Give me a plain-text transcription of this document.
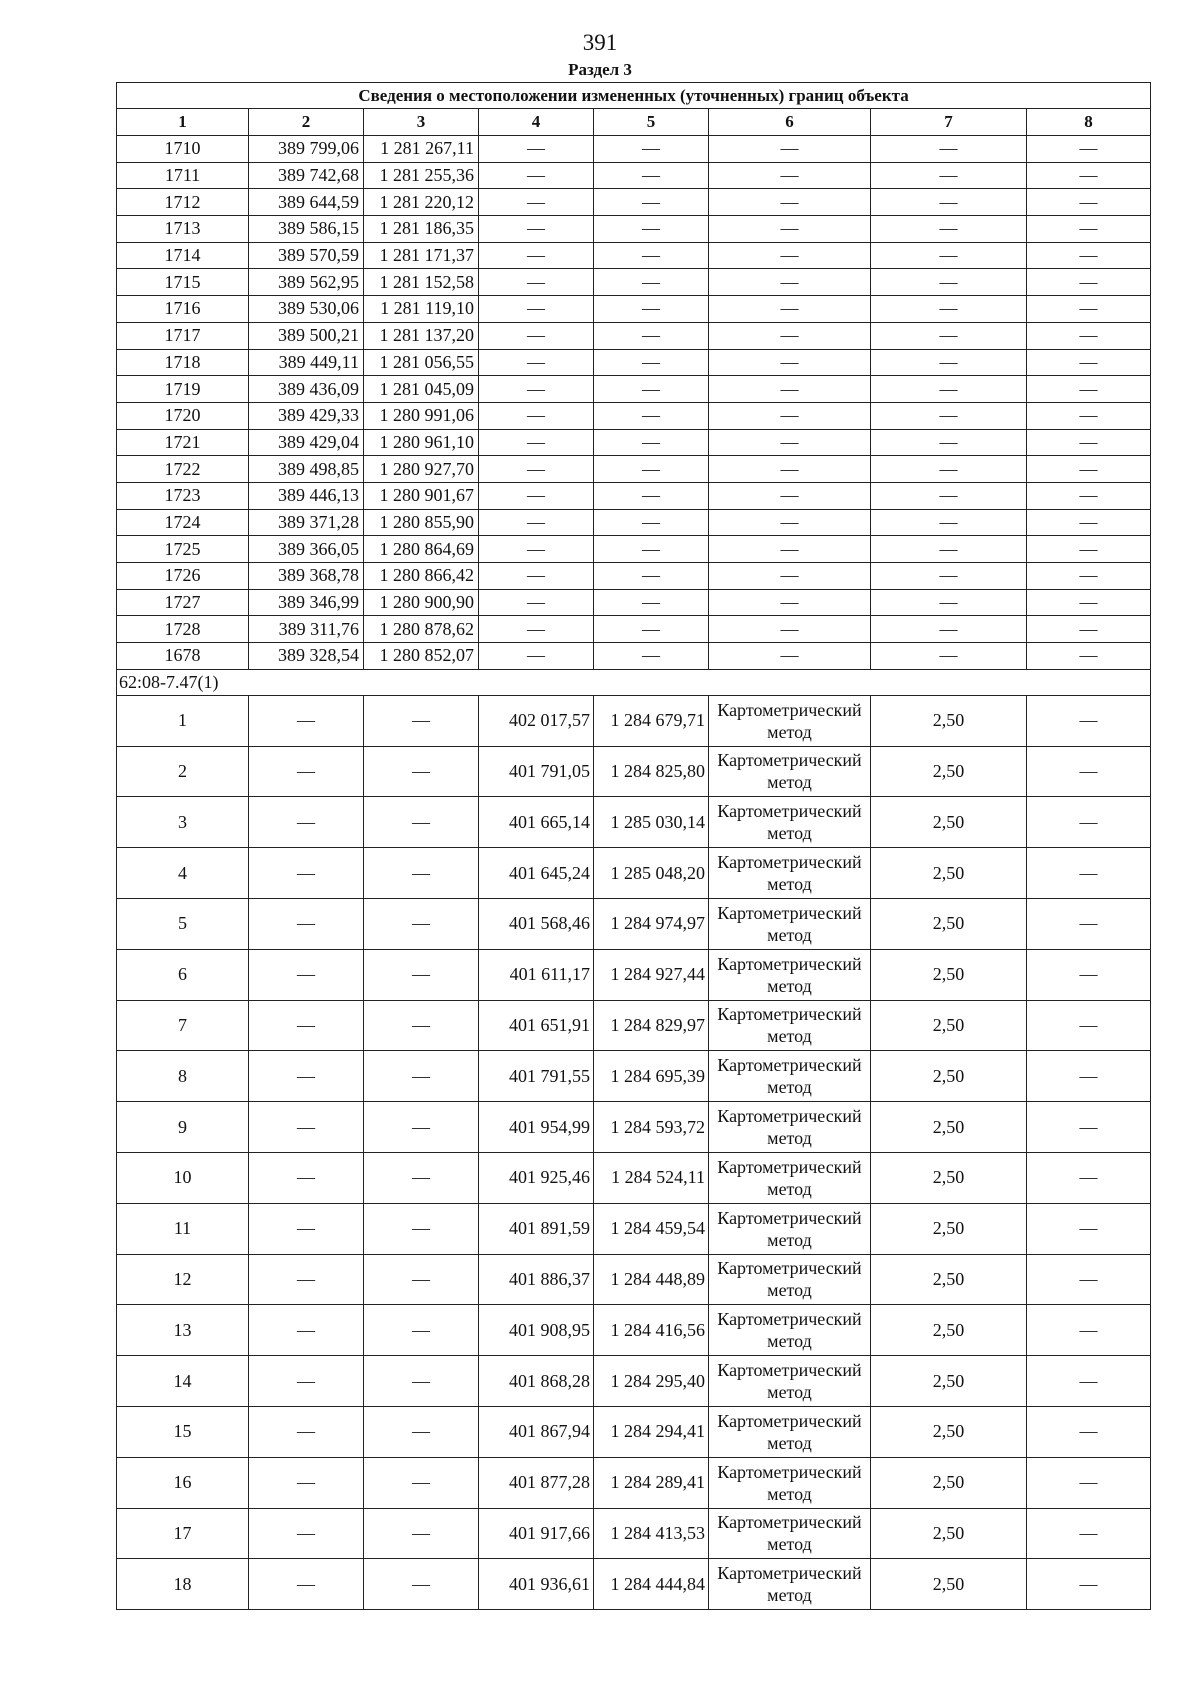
391
Раздел 3
Сведения о местоположении измененных (уточненных) границ объекта							
1	2	3	4	5	6	7	8
1710	389 799,06	1 281 267,11	—	—	—	—	—
1711	389 742,68	1 281 255,36	—	—	—	—	—
1712	389 644,59	1 281 220,12	—	—	—	—	—
1713	389 586,15	1 281 186,35	—	—	—	—	—
1714	389 570,59	1 281 171,37	—	—	—	—	—
1715	389 562,95	1 281 152,58	—	—	—	—	—
1716	389 530,06	1 281 119,10	—	—	—	—	—
1717	389 500,21	1 281 137,20	—	—	—	—	—
1718	389 449,11	1 281 056,55	—	—	—	—	—
1719	389 436,09	1 281 045,09	—	—	—	—	—
1720	389 429,33	1 280 991,06	—	—	—	—	—
1721	389 429,04	1 280 961,10	—	—	—	—	—
1722	389 498,85	1 280 927,70	—	—	—	—	—
1723	389 446,13	1 280 901,67	—	—	—	—	—
1724	389 371,28	1 280 855,90	—	—	—	—	—
1725	389 366,05	1 280 864,69	—	—	—	—	—
1726	389 368,78	1 280 866,42	—	—	—	—	—
1727	389 346,99	1 280 900,90	—	—	—	—	—
1728	389 311,76	1 280 878,62	—	—	—	—	—
1678	389 328,54	1 280 852,07	—	—	—	—	—
62:08-7.47(1)							
1	—	—	402 017,57	1 284 679,71	Картометрический метод	2,50	—
2	—	—	401 791,05	1 284 825,80	Картометрический метод	2,50	—
3	—	—	401 665,14	1 285 030,14	Картометрический метод	2,50	—
4	—	—	401 645,24	1 285 048,20	Картометрический метод	2,50	—
5	—	—	401 568,46	1 284 974,97	Картометрический метод	2,50	—
6	—	—	401 611,17	1 284 927,44	Картометрический метод	2,50	—
7	—	—	401 651,91	1 284 829,97	Картометрический метод	2,50	—
8	—	—	401 791,55	1 284 695,39	Картометрический метод	2,50	—
9	—	—	401 954,99	1 284 593,72	Картометрический метод	2,50	—
10	—	—	401 925,46	1 284 524,11	Картометрический метод	2,50	—
11	—	—	401 891,59	1 284 459,54	Картометрический метод	2,50	—
12	—	—	401 886,37	1 284 448,89	Картометрический метод	2,50	—
13	—	—	401 908,95	1 284 416,56	Картометрический метод	2,50	—
14	—	—	401 868,28	1 284 295,40	Картометрический метод	2,50	—
15	—	—	401 867,94	1 284 294,41	Картометрический метод	2,50	—
16	—	—	401 877,28	1 284 289,41	Картометрический метод	2,50	—
17	—	—	401 917,66	1 284 413,53	Картометрический метод	2,50	—
18	—	—	401 936,61	1 284 444,84	Картометрический метод	2,50	—
